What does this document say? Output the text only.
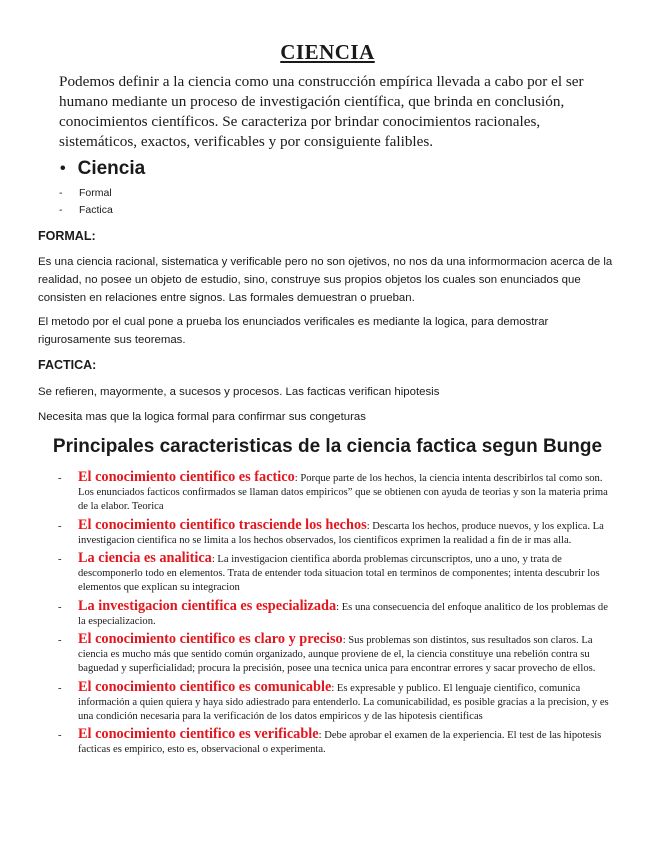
CIENCIA

Podemos definir a la ciencia como una construcción empírica llevada a cabo por el ser humano mediante un proceso de investigación científica, que brinda en conclusión, conocimientos científicos. Se caracteriza por brindar conocimientos racionales, sistemáticos, exactos, verificables y por consiguiente falibles.

• Ciencia
- Formal
- Factica
FORMAL:

Es una ciencia racional, sistematica y verificable pero no son ojetivos, no nos da una informormacion acerca de la realidad, no posee un objeto de estudio, sino, construye sus propios objetos los cuales son enunciados que consisten en relaciones entre signos. Las formales demuestran o prueban.

El metodo por el cual pone a prueba los enunciados verificales es mediante la logica, para demostrar rigurosamente sus teoremas.

FACTICA:

Se refieren, mayormente, a sucesos y procesos. Las facticas verifican hipotesis

Necesita mas que la logica formal para confirmar sus congeturas

Principales caracteristicas de la ciencia factica segun Bunge
- El conocimiento cientifico es factico: Porque parte de los hechos, la ciencia intenta describirlos tal como son. Los enunciados facticos confirmados se llaman datos empiricos” que se obtienen con ayuda de teorias y son la materia prima de la elabor. Teorica
- El conocimiento cientifico trasciende los hechos: Descarta los hechos, produce nuevos, y los explica. La investigacion cientifica no se limita a los hechos observados, los cientificos exprimen la realidad a fin de ir mas alla.
- La ciencia es analitica: La investigacion cientifica aborda problemas circunscriptos, uno a uno, y trata de descomponerlo todo en elementos. Trata de entender toda situacion total en terminos de componentes; intenta descubrir los elementos que explican su integracion
- La investigacion cientifica es especializada: Es una consecuencia del enfoque analitico de los problemas de la especializacion.
- El conocimiento cientifico es claro y preciso: Sus problemas son distintos, sus resultados son claros. La ciencia es mucho más que sentido común organizado, aunque proviene de el, la ciencia constituye una rebelión contra su baguedad y superficialidad; procura la precisión, posee una tecnica unica para encontrar errores y sacar provecho de ellos.
- El conocimiento cientifico es comunicable: Es expresable y publico. El lenguaje cientifico, comunica información a quien quiera y haya sido adiestrado para entenderlo. La comunicabilidad, es posible gracias a la precision, y es una condición necesaria para la verificación de los datos empiricos y de las hipotesis cientificas
- El conocimiento cientifico es verificable: Debe aprobar el examen de la experiencia. El test de las hipotesis facticas es empirico, esto es, observacional o experimenta.
